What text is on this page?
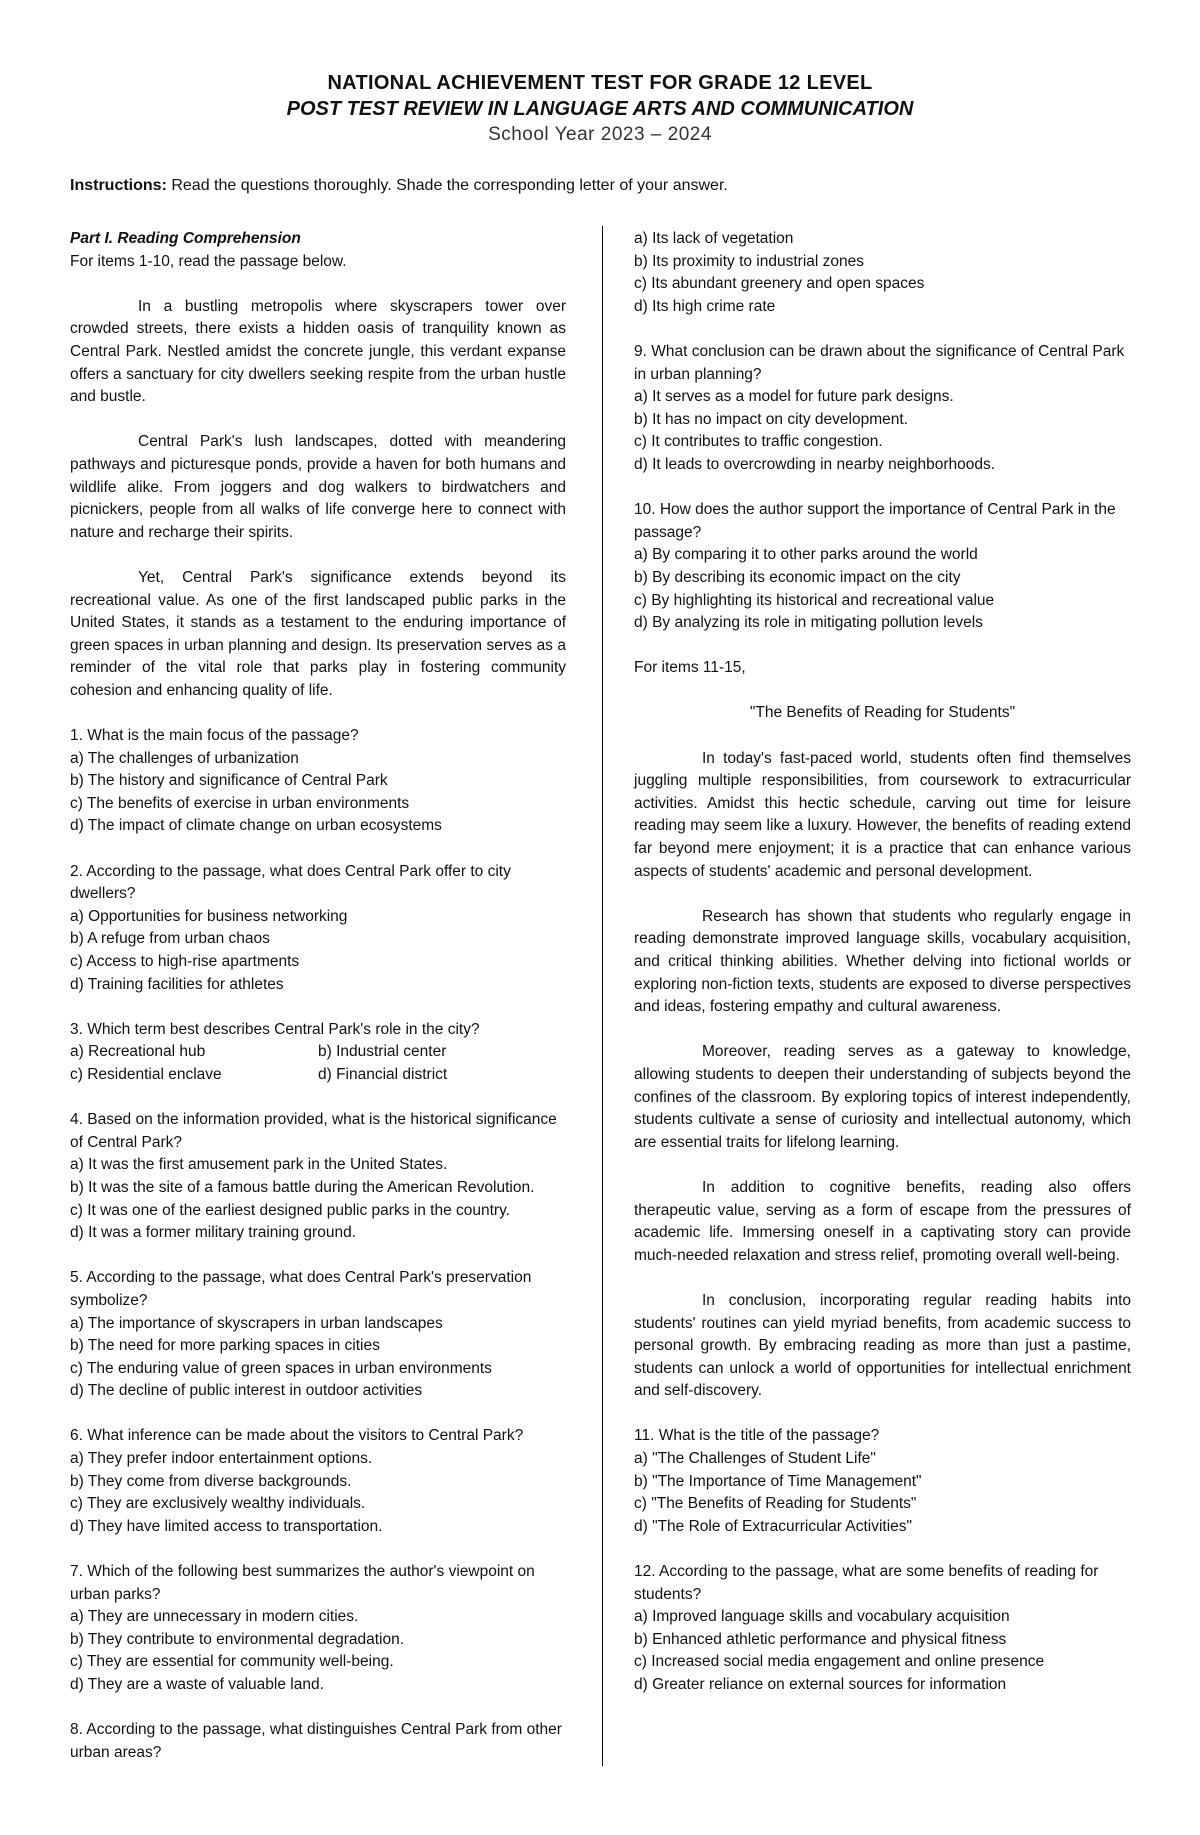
NATIONAL ACHIEVEMENT TEST FOR GRADE 12 LEVEL
POST TEST REVIEW IN LANGUAGE ARTS AND COMMUNICATION
School Year 2023 – 2024
Instructions: Read the questions thoroughly. Shade the corresponding letter of your answer.
Part I. Reading Comprehension
For items 1-10, read the passage below.

In a bustling metropolis where skyscrapers tower over crowded streets, there exists a hidden oasis of tranquility known as Central Park. Nestled amidst the concrete jungle, this verdant expanse offers a sanctuary for city dwellers seeking respite from the urban hustle and bustle.

Central Park's lush landscapes, dotted with meandering pathways and picturesque ponds, provide a haven for both humans and wildlife alike. From joggers and dog walkers to birdwatchers and picnickers, people from all walks of life converge here to connect with nature and recharge their spirits.

Yet, Central Park's significance extends beyond its recreational value. As one of the first landscaped public parks in the United States, it stands as a testament to the enduring importance of green spaces in urban planning and design. Its preservation serves as a reminder of the vital role that parks play in fostering community cohesion and enhancing quality of life.

1. What is the main focus of the passage?
a) The challenges of urbanization
b) The history and significance of Central Park
c) The benefits of exercise in urban environments
d) The impact of climate change on urban ecosystems
2. According to the passage, what does Central Park offer to city dwellers?
a) Opportunities for business networking
b) A refuge from urban chaos
c) Access to high-rise apartments
d) Training facilities for athletes
3. Which term best describes Central Park's role in the city?
a) Recreational hub	b) Industrial center
c) Residential enclave	d) Financial district
4. Based on the information provided, what is the historical significance of Central Park?
a) It was the first amusement park in the United States.
b) It was the site of a famous battle during the American Revolution.
c) It was one of the earliest designed public parks in the country.
d) It was a former military training ground.
5. According to the passage, what does Central Park's preservation symbolize?
a) The importance of skyscrapers in urban landscapes
b) The need for more parking spaces in cities
c) The enduring value of green spaces in urban environments
d) The decline of public interest in outdoor activities
6. What inference can be made about the visitors to Central Park?
a) They prefer indoor entertainment options.
b) They come from diverse backgrounds.
c) They are exclusively wealthy individuals.
d) They have limited access to transportation.
7. Which of the following best summarizes the author's viewpoint on urban parks?
a) They are unnecessary in modern cities.
b) They contribute to environmental degradation.
c) They are essential for community well-being.
d) They are a waste of valuable land.
8. According to the passage, what distinguishes Central Park from other urban areas?
a) Its lack of vegetation
b) Its proximity to industrial zones
c) Its abundant greenery and open spaces
d) Its high crime rate
9. What conclusion can be drawn about the significance of Central Park in urban planning?
a) It serves as a model for future park designs.
b) It has no impact on city development.
c) It contributes to traffic congestion.
d) It leads to overcrowding in nearby neighborhoods.
10. How does the author support the importance of Central Park in the passage?
a) By comparing it to other parks around the world
b) By describing its economic impact on the city
c) By highlighting its historical and recreational value
d) By analyzing its role in mitigating pollution levels
For items 11-15,
"The Benefits of Reading for Students"

In today's fast-paced world, students often find themselves juggling multiple responsibilities, from coursework to extracurricular activities. Amidst this hectic schedule, carving out time for leisure reading may seem like a luxury. However, the benefits of reading extend far beyond mere enjoyment; it is a practice that can enhance various aspects of students' academic and personal development.

Research has shown that students who regularly engage in reading demonstrate improved language skills, vocabulary acquisition, and critical thinking abilities. Whether delving into fictional worlds or exploring non-fiction texts, students are exposed to diverse perspectives and ideas, fostering empathy and cultural awareness.

Moreover, reading serves as a gateway to knowledge, allowing students to deepen their understanding of subjects beyond the confines of the classroom. By exploring topics of interest independently, students cultivate a sense of curiosity and intellectual autonomy, which are essential traits for lifelong learning.

In addition to cognitive benefits, reading also offers therapeutic value, serving as a form of escape from the pressures of academic life. Immersing oneself in a captivating story can provide much-needed relaxation and stress relief, promoting overall well-being.

In conclusion, incorporating regular reading habits into students' routines can yield myriad benefits, from academic success to personal growth. By embracing reading as more than just a pastime, students can unlock a world of opportunities for intellectual enrichment and self-discovery.

11. What is the title of the passage?
a) "The Challenges of Student Life"
b) "The Importance of Time Management"
c) "The Benefits of Reading for Students"
d) "The Role of Extracurricular Activities"
12. According to the passage, what are some benefits of reading for students?
a) Improved language skills and vocabulary acquisition
b) Enhanced athletic performance and physical fitness
c) Increased social media engagement and online presence
d) Greater reliance on external sources for information
